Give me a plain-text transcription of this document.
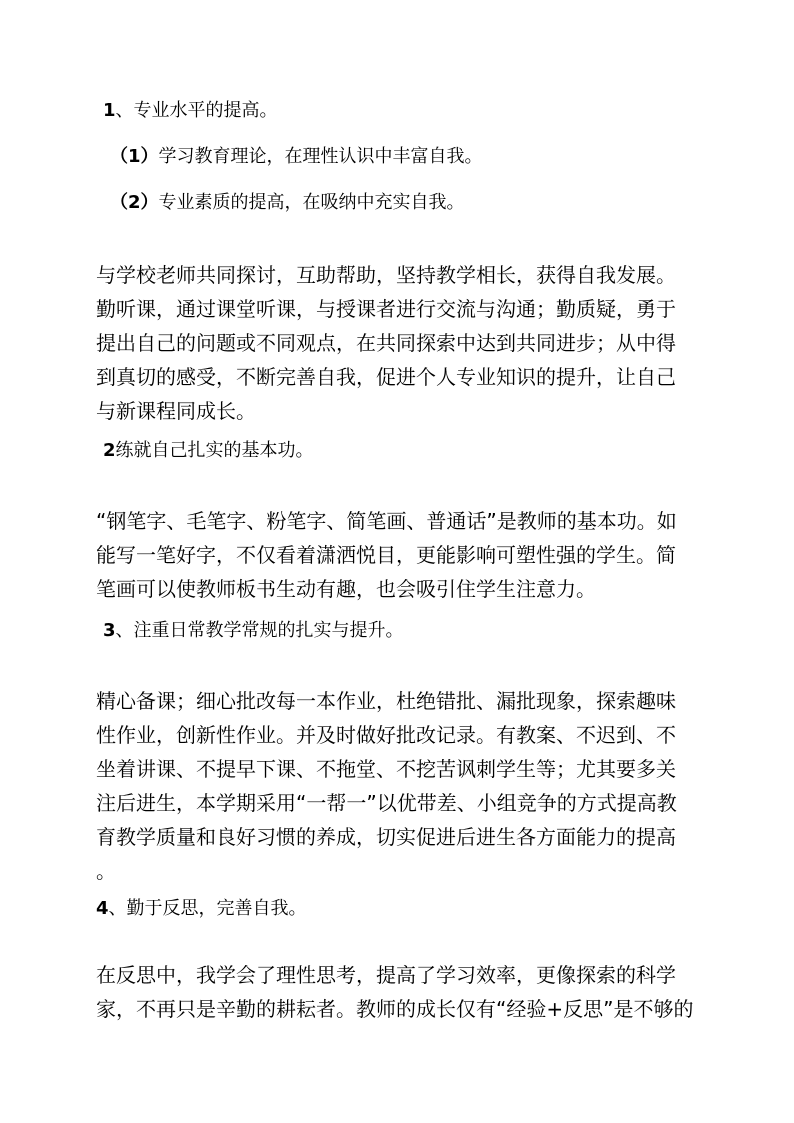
1、专业水平的提高。
（1）学习教育理论，在理性认识中丰富自我。
（2）专业素质的提高，在吸纳中充实自我。
与学校老师共同探讨，互助帮助，坚持教学相长，获得自我发展。
勤听课，通过课堂听课，与授课者进行交流与沟通；勤质疑，勇于
提出自己的问题或不同观点，在共同探索中达到共同进步；从中得
到真切的感受，不断完善自我，促进个人专业知识的提升，让自己
与新课程同成长。
2练就自己扎实的基本功。
“钢笔字、毛笔字、粉笔字、简笔画、普通话”是教师的基本功。如
能写一笔好字，不仅看着潇洒悦目，更能影响可塑性强的学生。简
笔画可以使教师板书生动有趣，也会吸引住学生注意力。
3、注重日常教学常规的扎实与提升。
精心备课；细心批改每一本作业，杜绝错批、漏批现象，探索趣味
性作业，创新性作业。并及时做好批改记录。有教案、不迟到、不
坐着讲课、不提早下课、不拖堂、不挖苦讽刺学生等；尤其要多关
注后进生，本学期采用“一帮一”以优带差、小组竞争的方式提高教
育教学质量和良好习惯的养成，切实促进后进生各方面能力的提高
。
4、勤于反思，完善自我。
在反思中，我学会了理性思考，提高了学习效率，更像探索的科学
家，不再只是辛勤的耕耘者。教师的成长仅有“经验+反思”是不够的
